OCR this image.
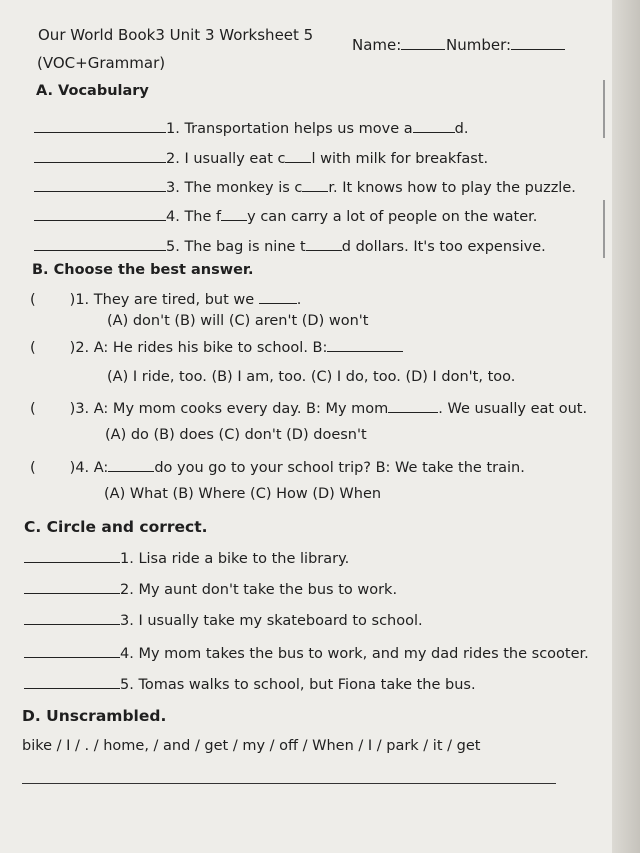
Our World Book3 Unit 3 Worksheet 5
Name:	Number:
(VOC+Grammar)
A. Vocabulary
1. Transportation helps us move a	d.
2. I usually eat c l with milk for breakfast.
3. The monkey is c r. It knows how to play the puzzle.
4. The f y can carry a lot of people on the water.
5. The bag is nine t d dollars. It's too expensive.
B. Choose the best answer.
( )1. They are tired, but we	.
(A) don't (B) will (C) aren't (D) won't
( )2. A: He rides his bike to school. B:
(A) I ride, too. (B) I am, too. (C) I do, too. (D) I don't, too.
( )3. A: My mom cooks every day. B: My mom	. We usually eat out.
(A) do (B) does (C) don't (D) doesn't
( )4. A:	do you go to your school trip? B: We take the train.
(A) What (B) Where (C) How (D) When
C. Circle and correct.
1. Lisa ride a bike to the library.
2. My aunt don't take the bus to work.
3. I usually take my skateboard to school.
4. My mom takes the bus to work, and my dad rides the scooter.
5. Tomas walks to school, but Fiona take the bus.
D. Unscrambled.
bike / I / . / home, / and / get / my / off / When / I / park / it / get
